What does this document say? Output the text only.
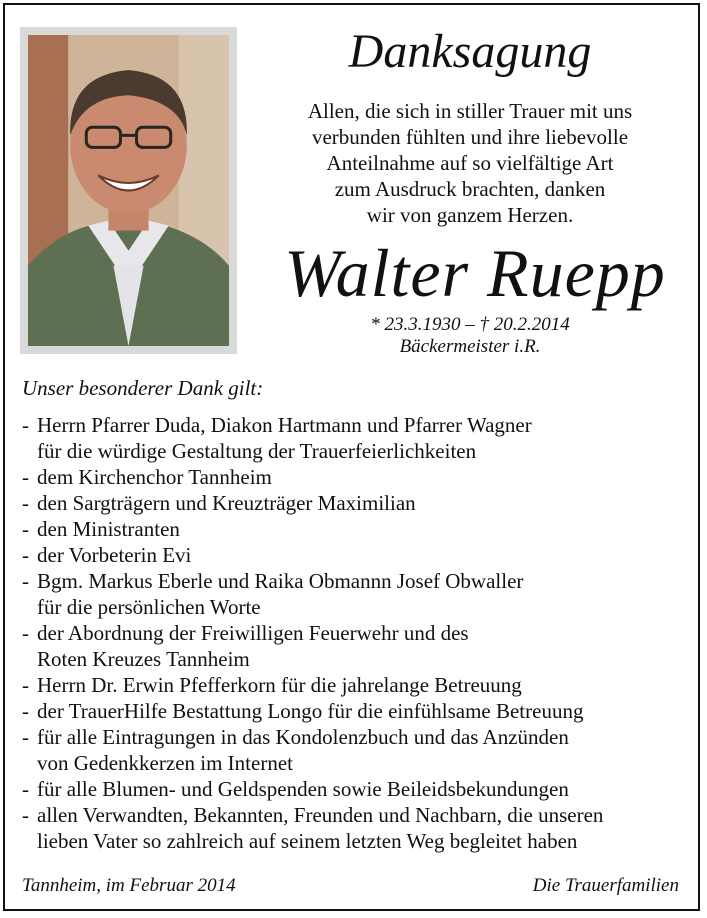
Danksagung
Allen, die sich in stiller Trauer mit uns
verbunden fühlten und ihre liebevolle
Anteilnahme auf so vielfältige Art
zum Ausdruck brachten, danken
wir von ganzem Herzen.
Walter Ruepp
* 23.3.1930 – † 20.2.2014
Bäckermeister i.R.
Unser besonderer Dank gilt:
- Herrn Pfarrer Duda, Diakon Hartmann und Pfarrer Wagner
für die würdige Gestaltung der Trauerfeierlichkeiten
- dem Kirchenchor Tannheim
- den Sargträgern und Kreuzträger Maximilian
- den Ministranten
- der Vorbeterin Evi
- Bgm. Markus Eberle und Raika Obmannn Josef Obwaller
für die persönlichen Worte
- der Abordnung der Freiwilligen Feuerwehr und des
Roten Kreuzes Tannheim
- Herrn Dr. Erwin Pfefferkorn für die jahrelange Betreuung
- der TrauerHilfe Bestattung Longo für die einfühlsame Betreuung
- für alle Eintragungen in das Kondolenzbuch und das Anzünden
von Gedenkkerzen im Internet
- für alle Blumen- und Geldspenden sowie Beileidsbekundungen
- allen Verwandten, Bekannten, Freunden und Nachbarn, die unseren
lieben Vater so zahlreich auf seinem letzten Weg begleitet haben
Tannheim, im Februar 2014	Die Trauerfamilien
